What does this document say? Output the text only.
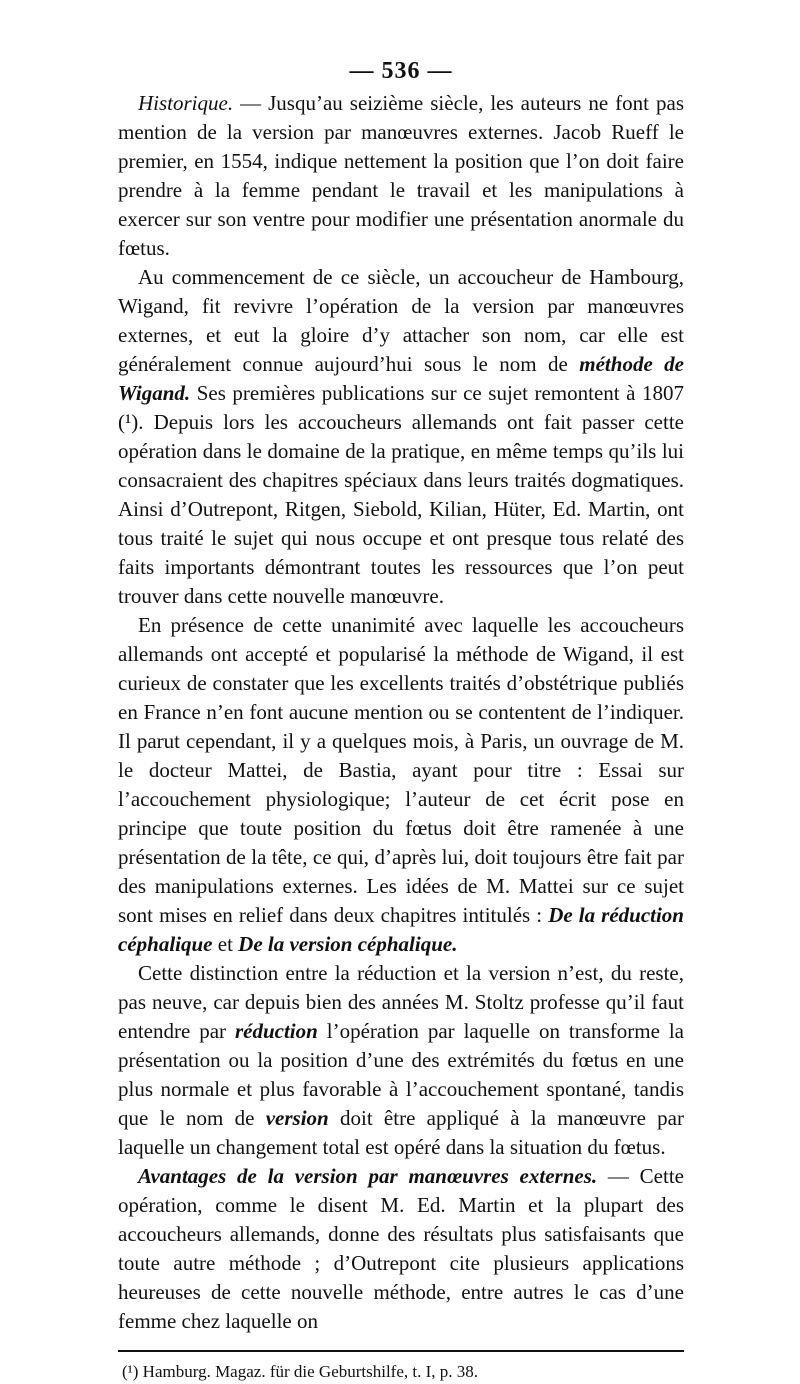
— 536 —

Historique. — Jusqu’au seizième siècle, les auteurs ne font pas mention de la version par manœuvres externes. Jacob Rueff le premier, en 1554, indique nettement la position que l’on doit faire prendre à la femme pendant le travail et les manipulations à exercer sur son ventre pour modifier une présentation anormale du fœtus.

Au commencement de ce siècle, un accoucheur de Hambourg, Wigand, fit revivre l’opération de la version par manœuvres externes, et eut la gloire d’y attacher son nom, car elle est généralement connue aujourd’hui sous le nom de méthode de Wigand. Ses premières publications sur ce sujet remontent à 1807 (¹). Depuis lors les accoucheurs allemands ont fait passer cette opération dans le domaine de la pratique, en même temps qu’ils lui consacraient des chapitres spéciaux dans leurs traités dogmatiques. Ainsi d’Outrepont, Ritgen, Siebold, Kilian, Hüter, Ed. Martin, ont tous traité le sujet qui nous occupe et ont presque tous relaté des faits importants démontrant toutes les ressources que l’on peut trouver dans cette nouvelle manœuvre.

En présence de cette unanimité avec laquelle les accoucheurs allemands ont accepté et popularisé la méthode de Wigand, il est curieux de constater que les excellents traités d’obstétrique publiés en France n’en font aucune mention ou se contentent de l’indiquer. Il parut cependant, il y a quelques mois, à Paris, un ouvrage de M. le docteur Mattei, de Bastia, ayant pour titre : Essai sur l’accouchement physiologique; l’auteur de cet écrit pose en principe que toute position du fœtus doit être ramenée à une présentation de la tête, ce qui, d’après lui, doit toujours être fait par des manipulations externes. Les idées de M. Mattei sur ce sujet sont mises en relief dans deux chapitres intitulés : De la réduction céphalique et De la version céphalique.

Cette distinction entre la réduction et la version n’est, du reste, pas neuve, car depuis bien des années M. Stoltz professe qu’il faut entendre par réduction l’opération par laquelle on transforme la présentation ou la position d’une des extrémités du fœtus en une plus normale et plus favorable à l’accouchement spontané, tandis que le nom de version doit être appliqué à la manœuvre par laquelle un changement total est opéré dans la situation du fœtus.

Avantages de la version par manœuvres externes. — Cette opération, comme le disent M. Ed. Martin et la plupart des accoucheurs allemands, donne des résultats plus satisfaisants que toute autre méthode ; d’Outrepont cite plusieurs applications heureuses de cette nouvelle méthode, entre autres le cas d’une femme chez laquelle on

(¹) Hamburg. Magaz. für die Geburtshilfe, t. I, p. 38.
